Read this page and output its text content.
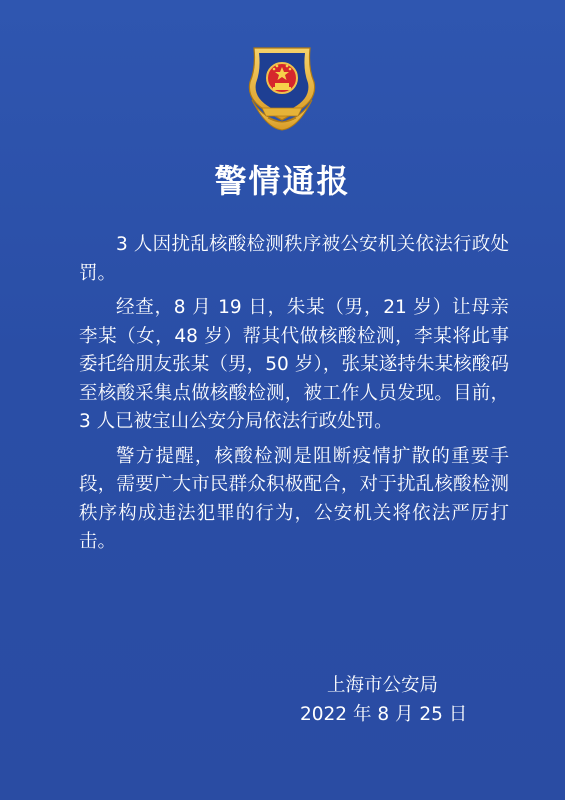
警情通报

3 人因扰乱核酸检测秩序被公安机关依法行政处罚。

经查，8 月 19 日，朱某（男，21 岁）让母亲李某（女，48 岁）帮其代做核酸检测，李某将此事委托给朋友张某（男，50 岁），张某遂持朱某核酸码至核酸采集点做核酸检测，被工作人员发现。目前，3 人已被宝山公安分局依法行政处罚。

警方提醒，核酸检测是阻断疫情扩散的重要手段，需要广大市民群众积极配合，对于扰乱核酸检测秩序构成违法犯罪的行为，公安机关将依法严厉打击。

上海市公安局
2022 年 8 月 25 日
